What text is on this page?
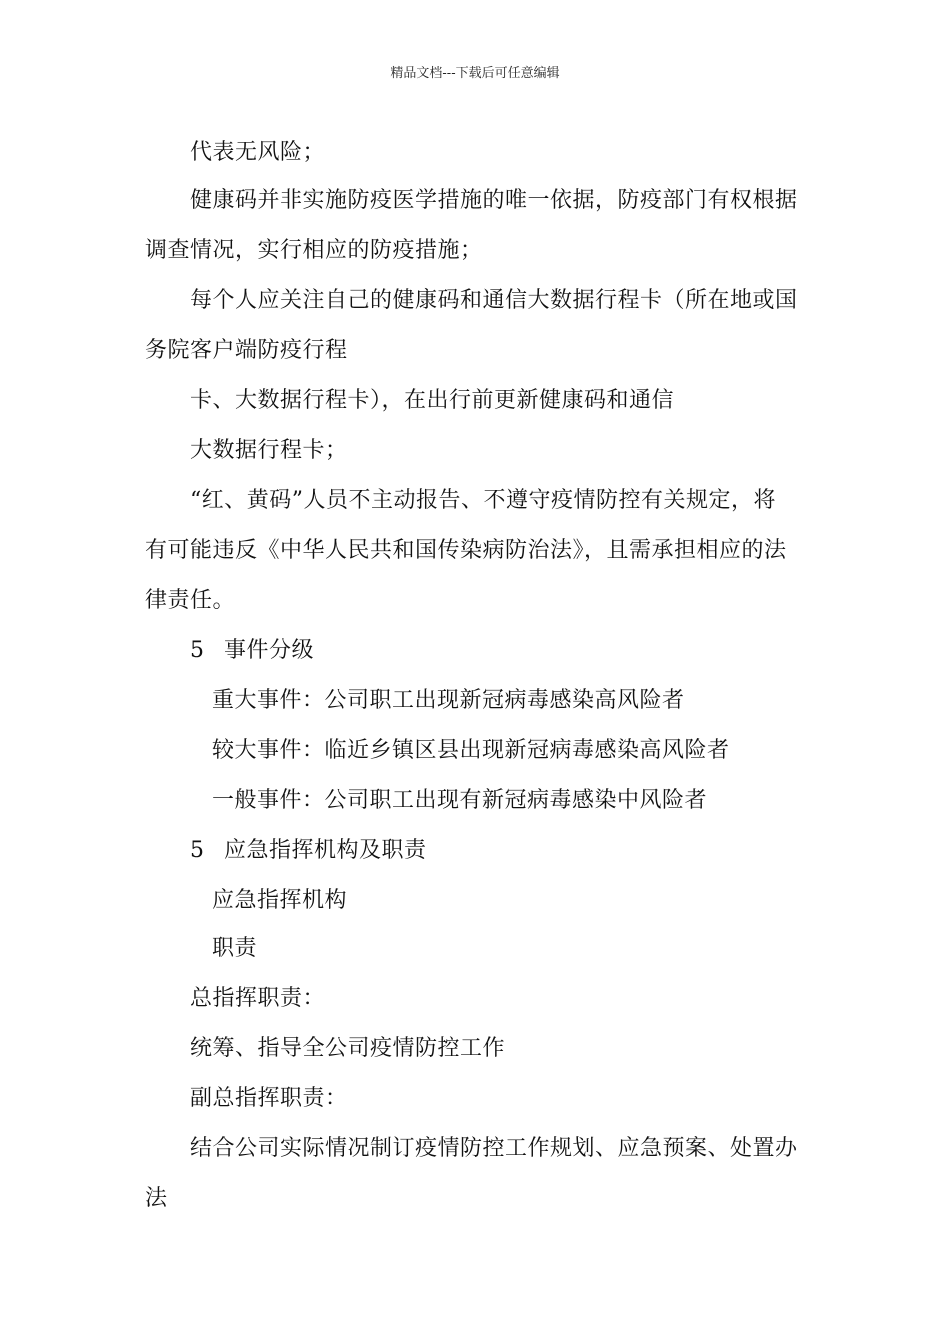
精品文档---下载后可任意编辑
代表无风险；
健康码并非实施防疫医学措施的唯一依据，防疫部门有权根据
调查情况，实行相应的防疫措施；
每个人应关注自己的健康码和通信大数据行程卡（所在地或国
务院客户端防疫行程
卡、大数据行程卡），在出行前更新健康码和通信
大数据行程卡；
“红、黄码”人员不主动报告、不遵守疫情防控有关规定，将
有可能违反《中华人民共和国传染病防治法》，且需承担相应的法
律责任。
5 事件分级
重大事件：公司职工出现新冠病毒感染高风险者
较大事件：临近乡镇区县出现新冠病毒感染高风险者
一般事件：公司职工出现有新冠病毒感染中风险者
5 应急指挥机构及职责
应急指挥机构
职责
总指挥职责：
统筹、指导全公司疫情防控工作
副总指挥职责：
结合公司实际情况制订疫情防控工作规划、应急预案、处置办
法
